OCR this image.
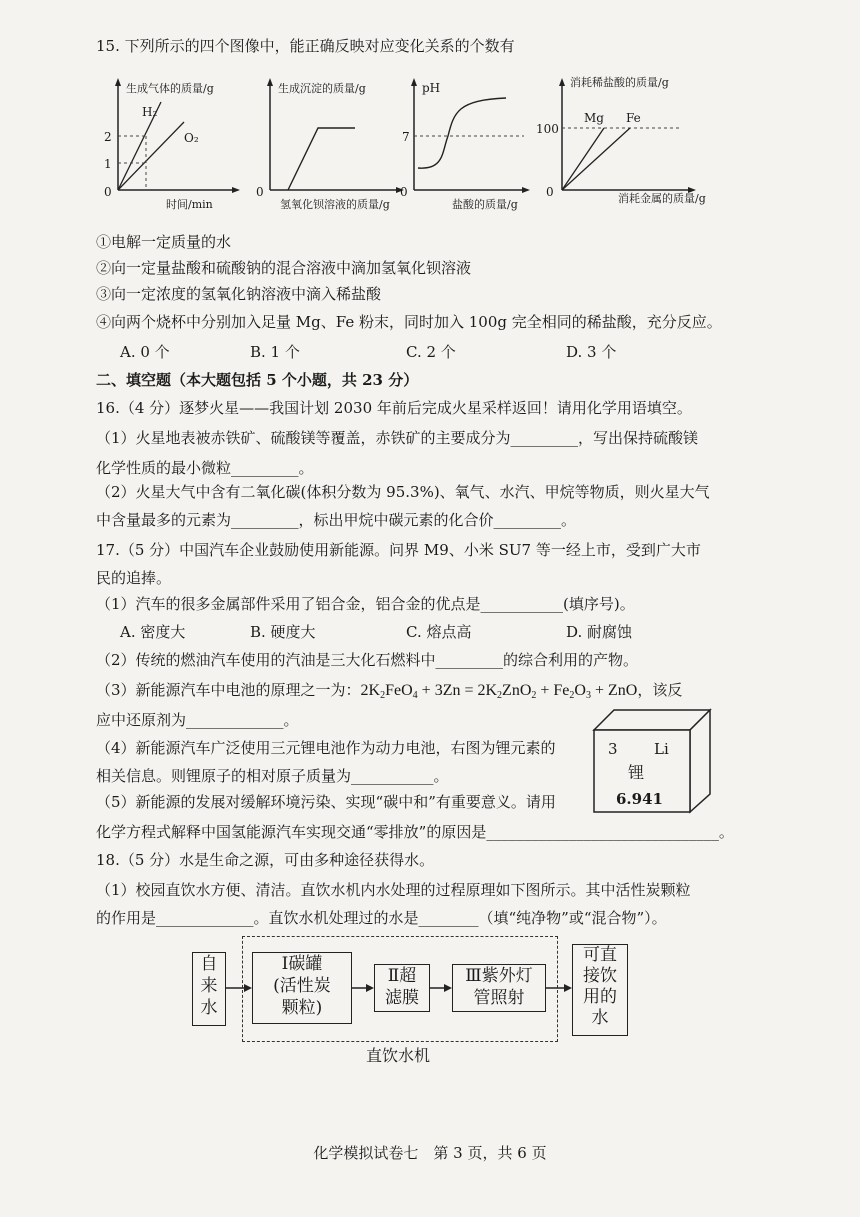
15. 下列所示的四个图像中，能正确反映对应变化关系的个数有
2
1
0
H₂
O₂
时间/min
生成气体的质量/g
0
氢氧化钡溶液的质量/g
生成沉淀的质量/g
7
0
盐酸的质量/g
pH
100
0
Mg Fe
消耗金属的质量/g
消耗稀盐酸的质量/g
①电解一定质量的水
②向一定量盐酸和硫酸钠的混合溶液中滴加氢氧化钡溶液
③向一定浓度的氢氧化钠溶液中滴入稀盐酸
④向两个烧杯中分别加入足量 Mg、Fe 粉末，同时加入 100g 完全相同的稀盐酸，充分反应。
A. 0 个	B. 1 个	C. 2 个	D. 3 个
二、填空题（本大题包括 5 个小题，共 23 分）
16.（4 分）逐梦火星——我国计划 2030 年前后完成火星采样返回！请用化学用语填空。
（1）火星地表被赤铁矿、硫酸镁等覆盖，赤铁矿的主要成分为_________，写出保持硫酸镁
化学性质的最小微粒_________。
（2）火星大气中含有二氧化碳(体积分数为 95.3%)、氧气、水汽、甲烷等物质，则火星大气
中含量最多的元素为_________，标出甲烷中碳元素的化合价_________。
17.（5 分）中国汽车企业鼓励使用新能源。问界 M9、小米 SU7 等一经上市，受到广大市
民的追捧。
（1）汽车的很多金属部件采用了铝合金，铝合金的优点是___________(填序号)。
A. 密度大	B. 硬度大	C. 熔点高	D. 耐腐蚀
（2）传统的燃油汽车使用的汽油是三大化石燃料中_________的综合利用的产物。
（3）新能源汽车中电池的原理之一为：$2K_2FeO_4 + 3Zn = 2K_2ZnO_2 + Fe_2O_3$ + ZnO，该反
应中还原剂为_____________。
（4）新能源汽车广泛使用三元锂电池作为动力电池，右图为锂元素的
相关信息。则锂原子的相对原子质量为___________。
（5）新能源的发展对缓解环境污染、实现“碳中和”有重要意义。请用
化学方程式解释中国氢能源汽车实现交通“零排放”的原因是_______________________________。
3 Li
锂
6.941
18.（5 分）水是生命之源，可由多种途径获得水。
（1）校园直饮水方便、清洁。直饮水机内水处理的过程原理如下图所示。其中活性炭颗粒
的作用是_____________。直饮水机处理过的水是________（填“纯净物”或“混合物”）。
自
来
水
Ⅰ碳罐
(活性炭
颗粒)
Ⅱ超
滤膜
Ⅲ紫外灯
管照射
可直
接饮
用的
水
直饮水机
化学模拟试卷七　第 3 页，共 6 页
